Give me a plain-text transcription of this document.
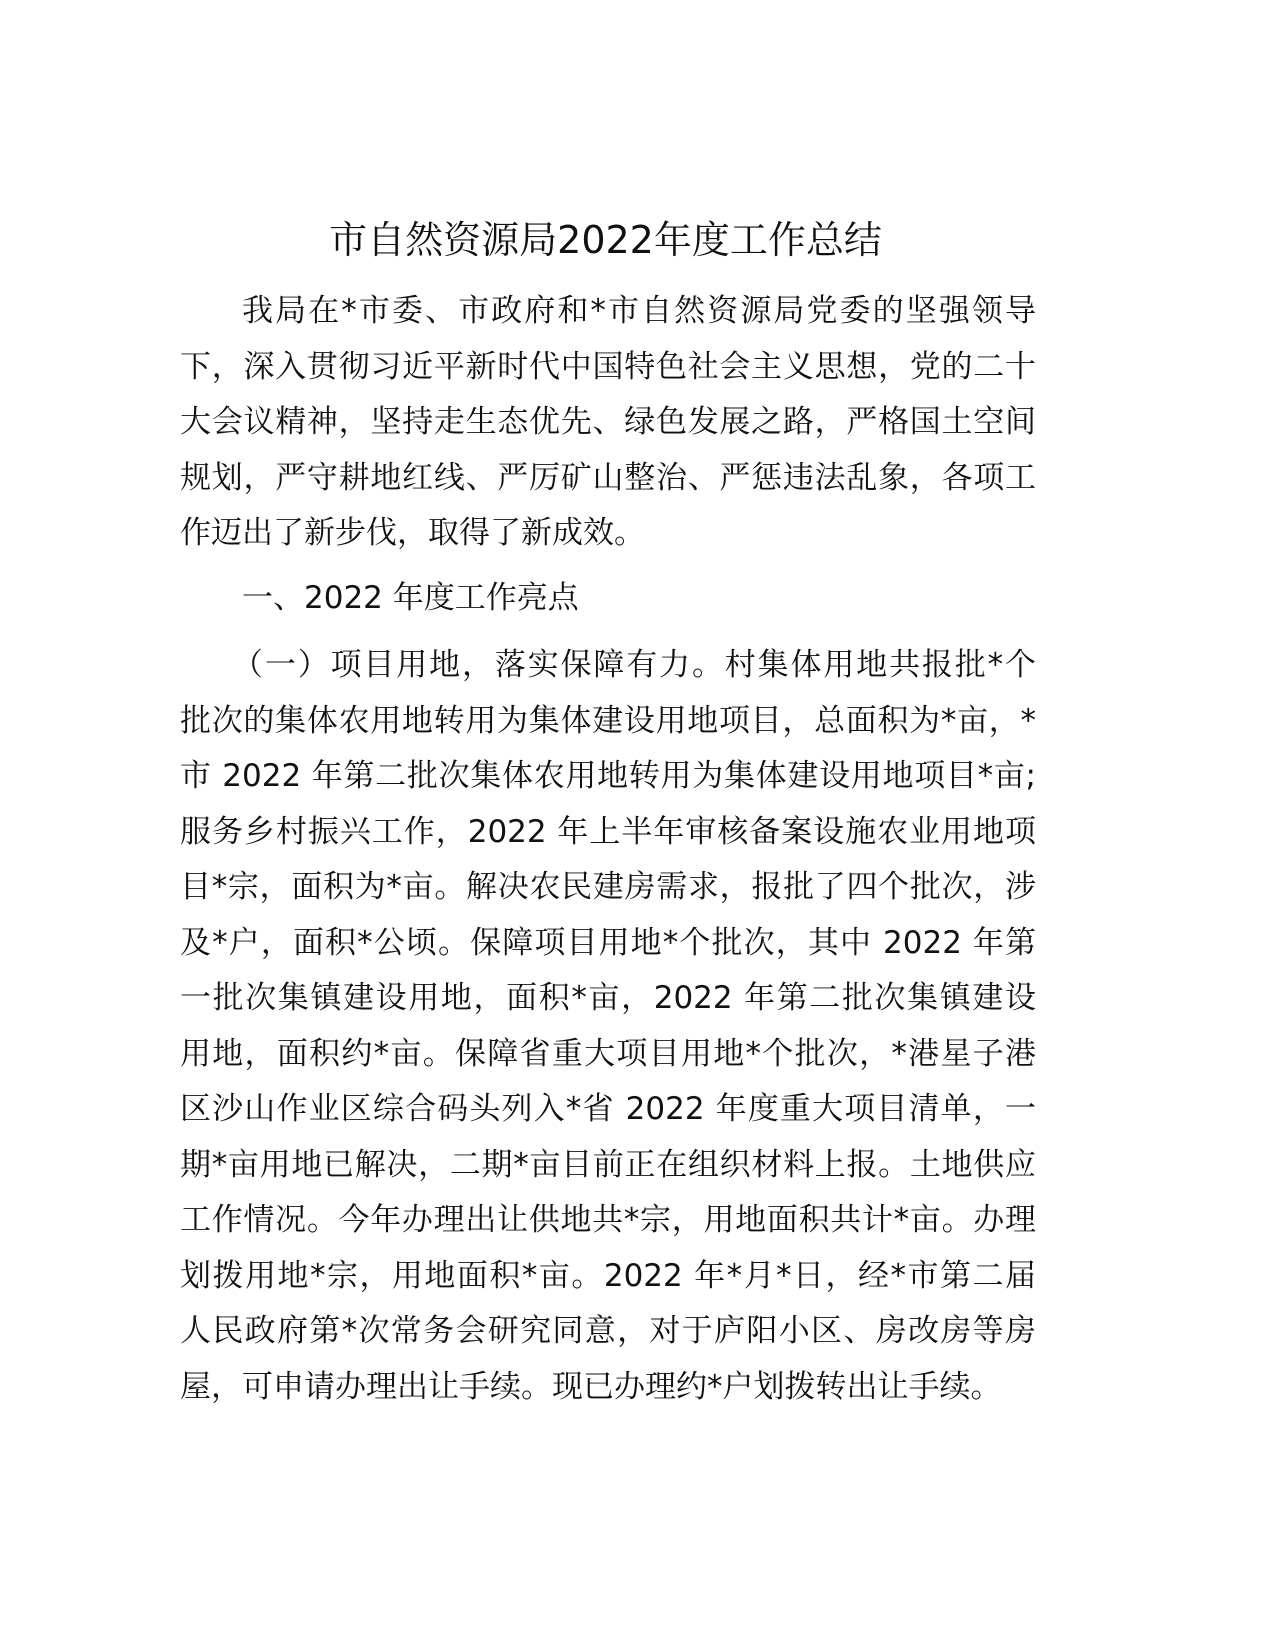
市自然资源局2022年度工作总结
我局在*市委、市政府和*市自然资源局党委的坚强领导
下，深入贯彻习近平新时代中国特色社会主义思想，党的二十
大会议精神，坚持走生态优先、绿色发展之路，严格国土空间
规划，严守耕地红线、严厉矿山整治、严惩违法乱象，各项工
作迈出了新步伐，取得了新成效。
一、2022 年度工作亮点
（一）项目用地，落实保障有力。村集体用地共报批*个
批次的集体农用地转用为集体建设用地项目，总面积为*亩，*
市 2022 年第二批次集体农用地转用为集体建设用地项目*亩;
服务乡村振兴工作，2022 年上半年审核备案设施农业用地项
目*宗，面积为*亩。解决农民建房需求，报批了四个批次，涉
及*户，面积*公顷。保障项目用地*个批次，其中 2022 年第
一批次集镇建设用地，面积*亩，2022 年第二批次集镇建设
用地，面积约*亩。保障省重大项目用地*个批次，*港星子港
区沙山作业区综合码头列入*省 2022 年度重大项目清单，一
期*亩用地已解决，二期*亩目前正在组织材料上报。土地供应
工作情况。今年办理出让供地共*宗，用地面积共计*亩。办理
划拨用地*宗，用地面积*亩。2022 年*月*日，经*市第二届
人民政府第*次常务会研究同意，对于庐阳小区、房改房等房
屋，可申请办理出让手续。现已办理约*户划拨转出让手续。
